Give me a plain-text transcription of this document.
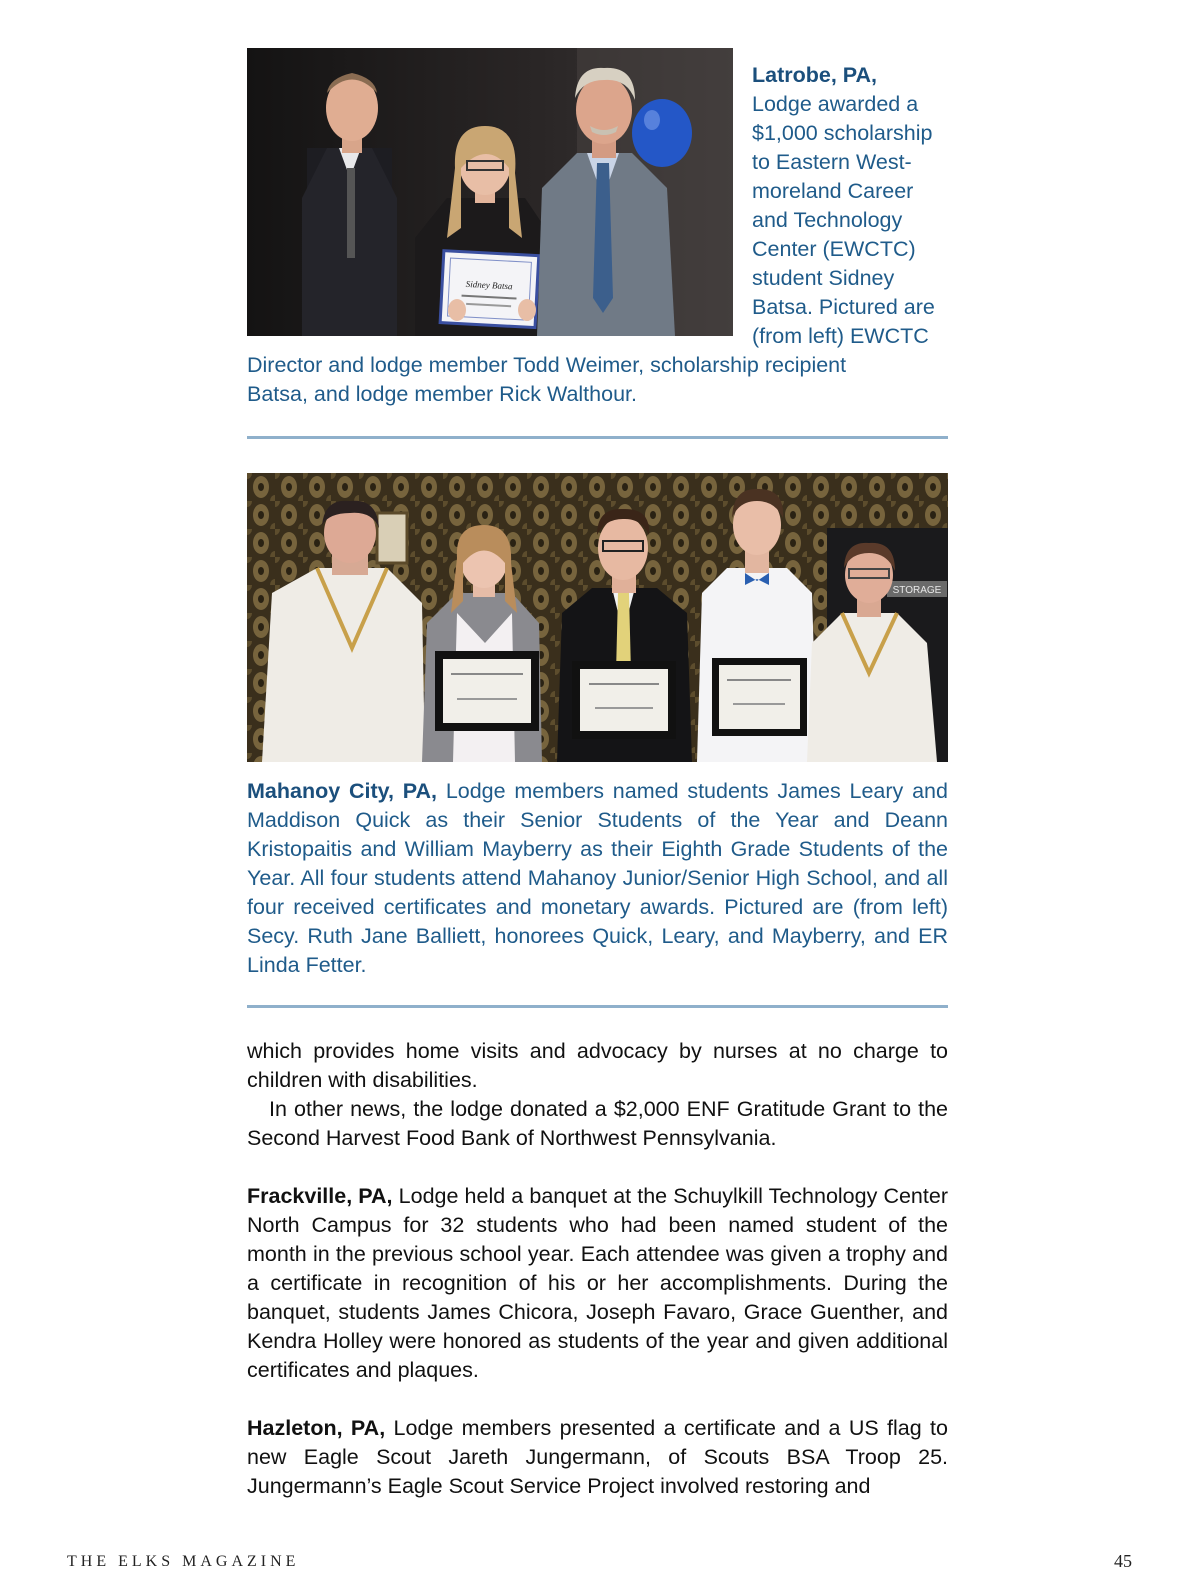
Sidney Batsa
Latrobe, PA,
Lodge awarded a
$1,000 scholarship
to Eastern West-
moreland Career
and Technology
Center (EWCTC)
student Sidney
Batsa. Pictured are
(from left) EWCTC
Director and lodge member Todd Weimer, scholarship recipient
Batsa, and lodge member Rick Walthour.
STORAGE
Mahanoy City, PA, Lodge members named students James Leary and Maddison Quick as their Senior Students of the Year and Deann Kristopaitis and William Mayberry as their Eighth Grade Students of the Year. All four students attend Mahanoy Junior/Senior High School, and all four received certificates and monetary awards. Pictured are (from left) Secy. Ruth Jane Balliett, honorees Quick, Leary, and Mayberry, and ER Linda Fetter.

which provides home visits and advocacy by nurses at no charge to children with disabilities.

In other news, the lodge donated a $2,000 ENF Gratitude Grant to the Second Harvest Food Bank of Northwest Pennsylvania.

Frackville, PA, Lodge held a banquet at the Schuylkill Technology Center North Campus for 32 students who had been named student of the month in the previous school year. Each attendee was given a trophy and a certificate in recognition of his or her accomplishments. During the banquet, students James Chicora, Joseph Favaro, Grace Guenther, and Kendra Holley were honored as students of the year and given additional certificates and plaques.

Hazleton, PA, Lodge members presented a certificate and a US flag to new Eagle Scout Jareth Jungermann, of Scouts BSA Troop 25. Jungermann’s Eagle Scout Service Project involved restoring and

THE ELKS MAGAZINE	45
